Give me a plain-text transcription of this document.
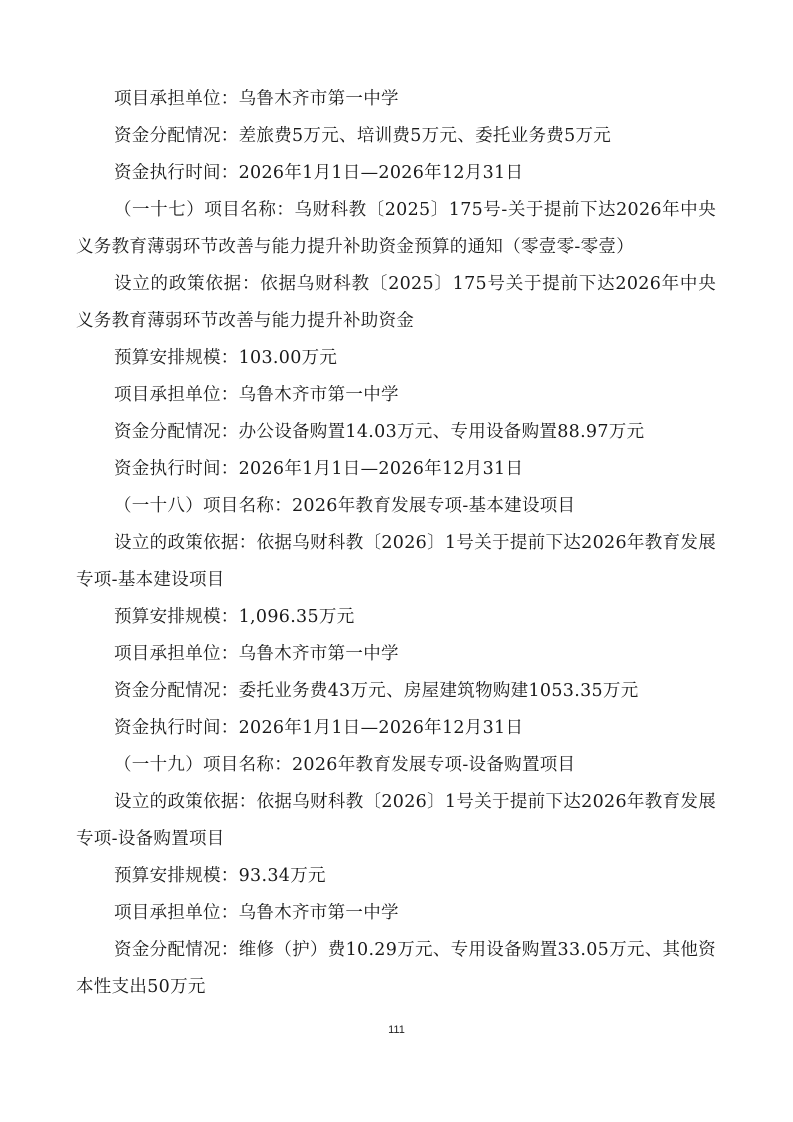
项目承担单位：乌鲁木齐市第一中学

资金分配情况：差旅费5万元、培训费5万元、委托业务费5万元

资金执行时间：2026年1月1日—2026年12月31日

（一十七）项目名称：乌财科教〔2025〕175号-关于提前下达2026年中央义务教育薄弱环节改善与能力提升补助资金预算的通知（零壹零-零壹）

设立的政策依据：依据乌财科教〔2025〕175号关于提前下达2026年中央义务教育薄弱环节改善与能力提升补助资金

预算安排规模：103.00万元

项目承担单位：乌鲁木齐市第一中学

资金分配情况：办公设备购置14.03万元、专用设备购置88.97万元

资金执行时间：2026年1月1日—2026年12月31日

（一十八）项目名称：2026年教育发展专项-基本建设项目

设立的政策依据：依据乌财科教〔2026〕1号关于提前下达2026年教育发展专项-基本建设项目

预算安排规模：1,096.35万元

项目承担单位：乌鲁木齐市第一中学

资金分配情况：委托业务费43万元、房屋建筑物购建1053.35万元

资金执行时间：2026年1月1日—2026年12月31日

（一十九）项目名称：2026年教育发展专项-设备购置项目

设立的政策依据：依据乌财科教〔2026〕1号关于提前下达2026年教育发展专项-设备购置项目

预算安排规模：93.34万元

项目承担单位：乌鲁木齐市第一中学

资金分配情况：维修（护）费10.29万元、专用设备购置33.05万元、其他资本性支出50万元

111
